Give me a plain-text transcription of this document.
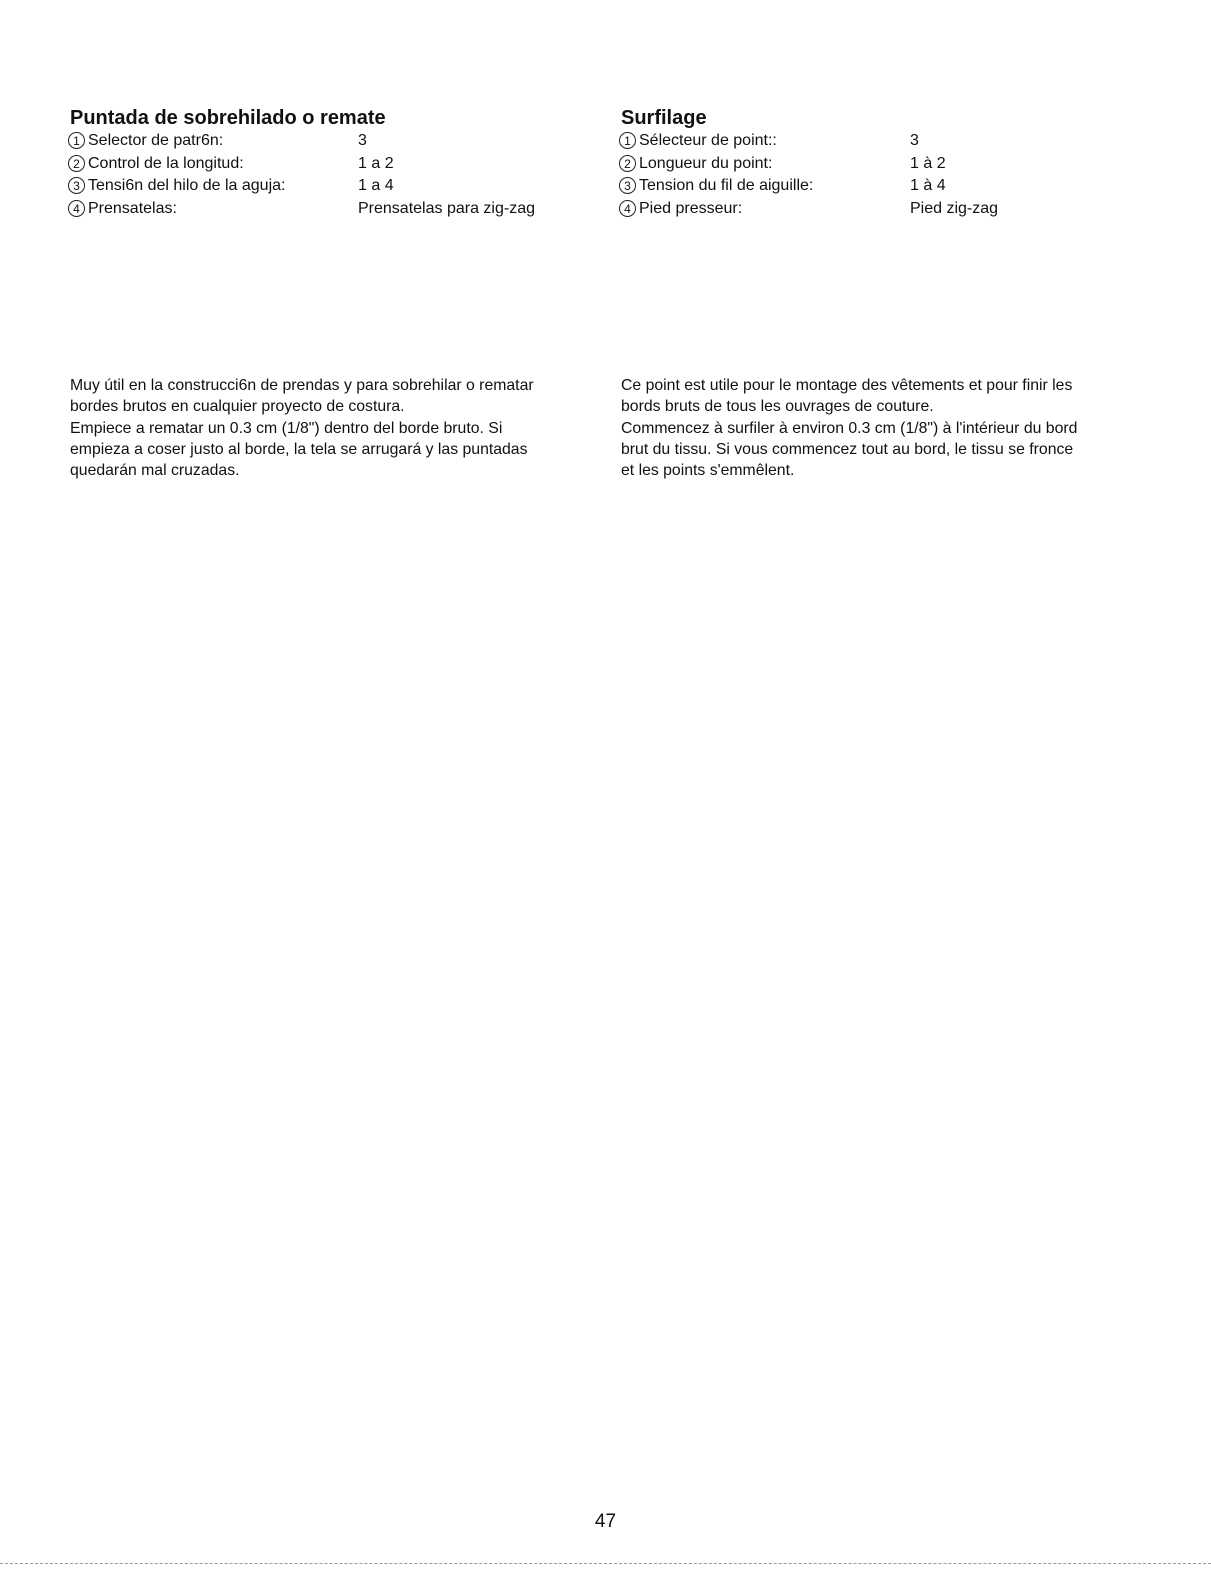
Puntada de sobrehilado o remate
1 Selector de patr6n:	3
2 Control de la longitud:	1 a 2
3 Tensi6n del hilo de la aguja:	1 a 4
4 Prensatelas:	Prensatelas para zig-zag
Surfilage
1 Sélecteur de point::	3
2 Longueur du point:	1 à 2
3 Tension du fil de aiguille:	1 à 4
4 Pied presseur:	Pied zig-zag
Muy útil en la construcci6n de prendas y para sobrehilar o rematar
bordes brutos en cualquier proyecto de costura.
Empiece a rematar un 0.3 cm (1/8") dentro del borde bruto. Si
empieza a coser justo al borde, la tela se arrugará y las puntadas
quedarán mal cruzadas.
Ce point est utile pour le montage des vêtements et pour finir les
bords bruts de tous les ouvrages de couture.
Commencez à surfiler à environ 0.3 cm (1/8") à l'intérieur du bord
brut du tissu. Si vous commencez tout au bord, le tissu se fronce
et les points s'emmêlent.
47
